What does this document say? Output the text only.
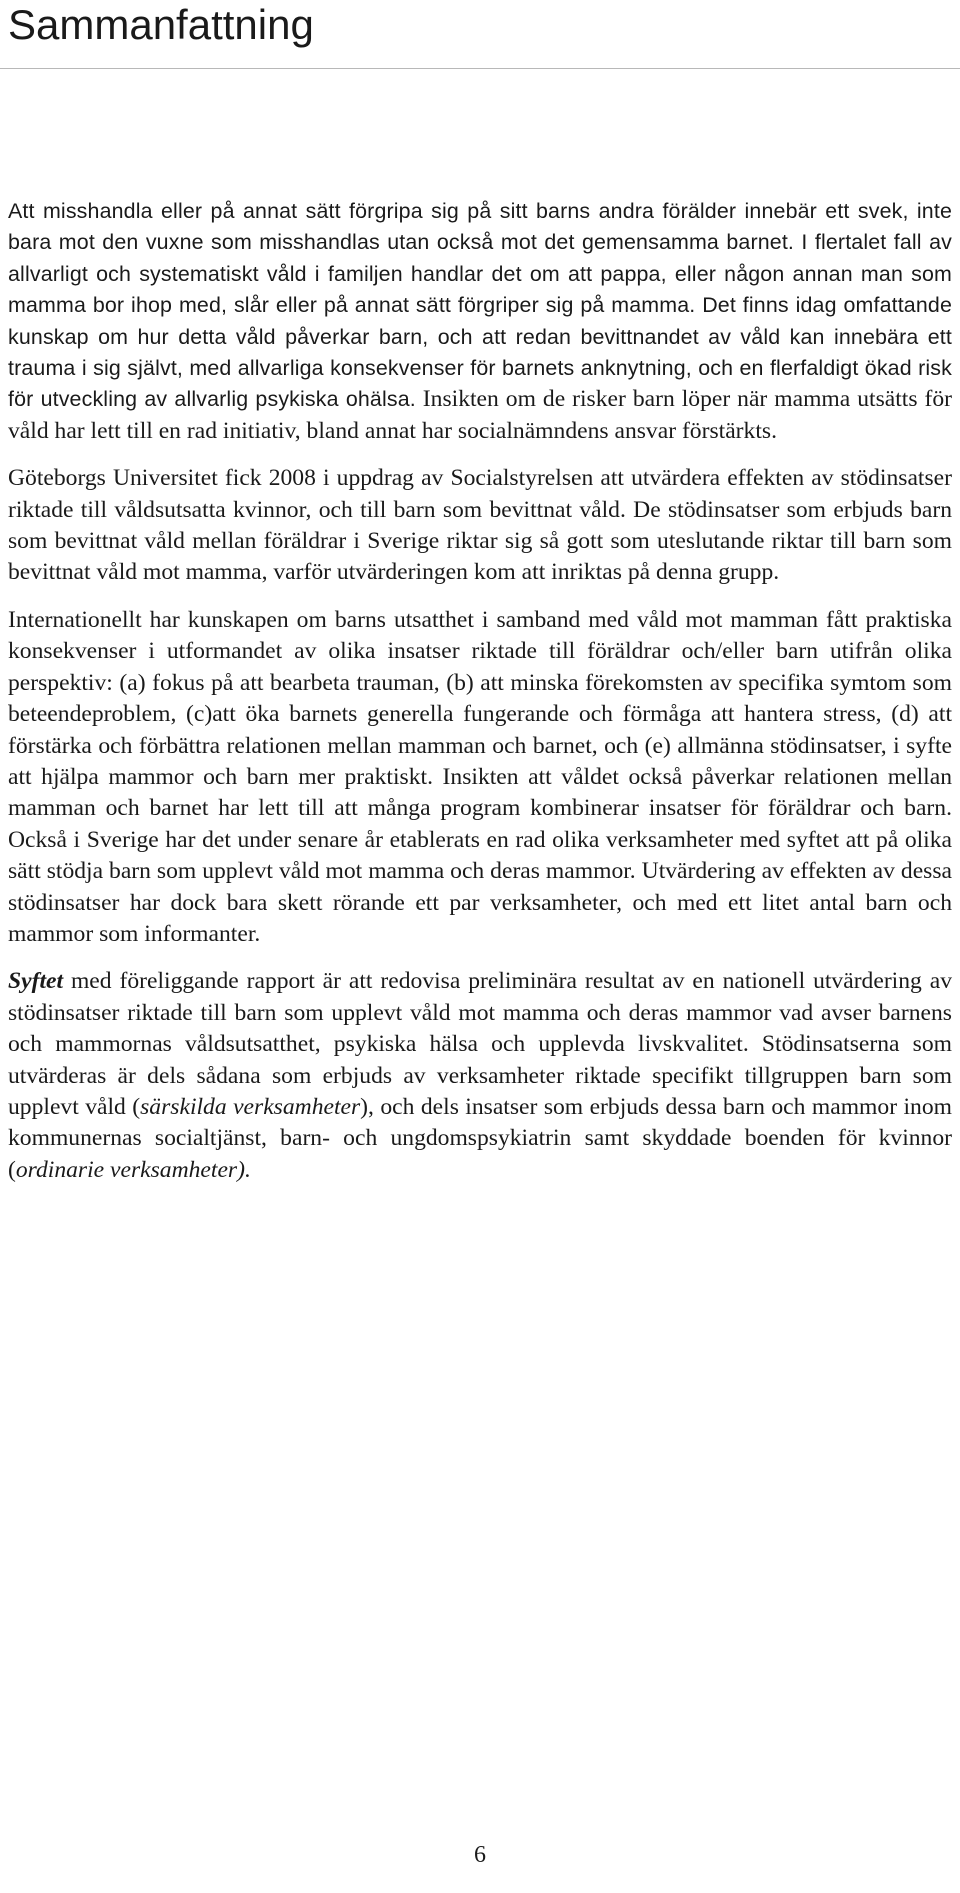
Sammanfattning

Att misshandla eller på annat sätt förgripa sig på sitt barns andra förälder innebär ett svek, inte bara mot den vuxne som misshandlas utan också mot det gemensamma barnet. I flertalet fall av allvarligt och systematiskt våld i familjen handlar det om att pappa, eller någon annan man som mamma bor ihop med, slår eller på annat sätt förgriper sig på mamma. Det finns idag omfattande kunskap om hur detta våld påverkar barn, och att redan bevittnandet av våld kan innebära ett trauma i sig självt, med allvarliga konsekvenser för barnets anknytning, och en flerfaldigt ökad risk för utveckling av allvarlig psykiska ohälsa. Insikten om de risker barn löper när mamma utsätts för våld har lett till en rad initiativ, bland annat har socialnämndens ansvar förstärkts.

Göteborgs Universitet fick 2008 i uppdrag av Socialstyrelsen att utvärdera effekten av stödinsatser riktade till våldsutsatta kvinnor, och till barn som bevittnat våld. De stödinsatser som erbjuds barn som bevittnat våld mellan föräldrar i Sverige riktar sig så gott som uteslutande riktar till barn som bevittnat våld mot mamma, varför utvärderingen kom att inriktas på denna grupp.

Internationellt har kunskapen om barns utsatthet i samband med våld mot mamman fått praktiska konsekvenser i utformandet av olika insatser riktade till föräldrar och/eller barn utifrån olika perspektiv: (a) fokus på att bearbeta trauman, (b) att minska förekomsten av specifika symtom som beteendeproblem, (c)att öka barnets generella fungerande och förmåga att hantera stress, (d) att förstärka och förbättra relationen mellan mamman och barnet, och (e) allmänna stödinsatser, i syfte att hjälpa mammor och barn mer praktiskt. Insikten att våldet också påverkar relationen mellan mamman och barnet har lett till att många program kombinerar insatser för föräldrar och barn. Också i Sverige har det under senare år etablerats en rad olika verksamheter med syftet att på olika sätt stödja barn som upplevt våld mot mamma och deras mammor. Utvärdering av effekten av dessa stödinsatser har dock bara skett rörande ett par verksamheter, och med ett litet antal barn och mammor som informanter.

Syftet med föreliggande rapport är att redovisa preliminära resultat av en nationell utvärdering av stödinsatser riktade till barn som upplevt våld mot mamma och deras mammor vad avser barnens och mammornas våldsutsatthet, psykiska hälsa och upplevda livskvalitet. Stödinsatserna som utvärderas är dels sådana som erbjuds av verksamheter riktade specifikt tillgruppen barn som upplevt våld (särskilda verksamheter), och dels insatser som erbjuds dessa barn och mammor inom kommunernas socialtjänst, barn- och ungdomspsykiatrin samt skyddade boenden för kvinnor (ordinarie verksamheter).

6
